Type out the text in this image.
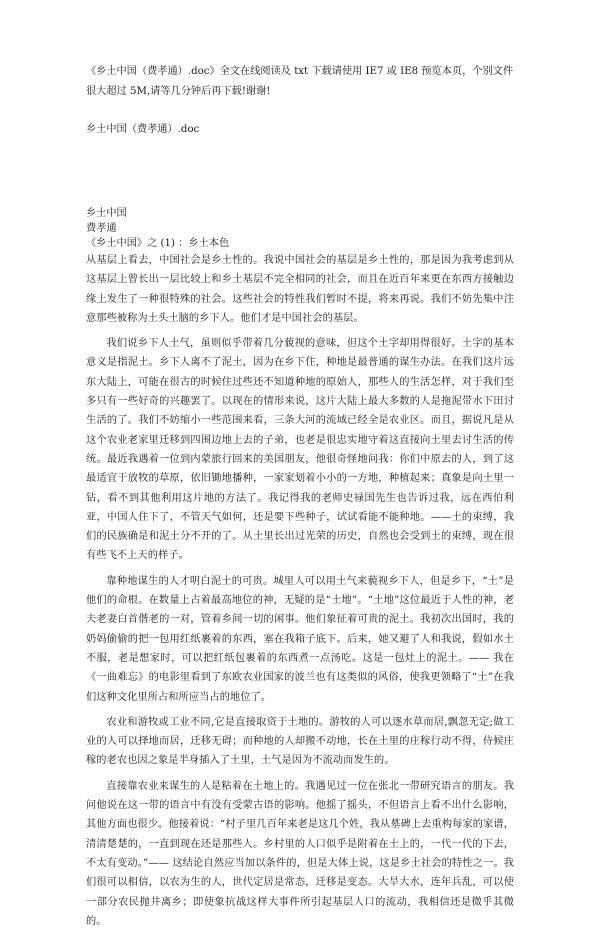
《乡土中国（费孝通）.doc》全文在线阅读及 txt 下载请使用 IE7 或 IE8 预览本页，个别文件很大超过 5M,请等几分钟后再下载!谢谢!

乡土中国（费孝通）.doc

乡土中国

费孝通

《乡土中国》之 (1) ：乡土本色

从基层上看去，中国社会是乡土性的。我说中国社会的基层是乡土性的，那是因为我考虑到从这基层上曾长出一层比较上和乡土基层不完全相同的社会，而且在近百年来更在东西方接触边缘上发生了一种很特殊的社会。这些社会的特性我们暂时不提，将来再说。我们不妨先集中注意那些被称为土头土脑的乡下人。他们才是中国社会的基层。

我们说乡下人土气，虽则似乎带着几分藐视的意味，但这个土字却用得很好。土字的基本意义是指泥土。乡下人离不了泥土，因为在乡下住，种地是最普通的谋生办法。在我们这片远东大陆上，可能在很古的时候住过些还不知道种地的原始人，那些人的生活怎样，对于我们至多只有一些好奇的兴趣罢了。以现在的情形来说，这片大陆上最大多数的人是拖泥带水下田讨生活的了。我们不妨缩小一些范围来看，三条大河的流域已经全是农业区。而且，据说凡是从这个农业老家里迁移到四围边地上去的子弟，也老是很忠实地守着这直接向土里去讨生活的传统。最近我遇着一位到内蒙旅行回来的美国朋友，他很奇怪地问我：你们中原去的人，到了这最适宜于放牧的草原，依旧锄地播种，一家家划着小小的一方地，种植起来；真象是向土里一钻，看不到其他利用这片地的方法了。我记得我的老师史禄国先生也告诉过我，远在西伯利亚，中国人住下了，不管天气如何，还是要下些种子，试试看能不能种地。——土的束缚，我们的民族确是和泥土分不开的了。从土里长出过光荣的历史，自然也会受到土的束缚，现在很有些飞不上天的样子。

靠种地谋生的人才明白泥土的可贵。城里人可以用土气来藐视乡下人，但是乡下，“土”是他们的命根。在数量上占着最高地位的神，无疑的是“土地”。“土地”这位最近于人性的神，老夫老妻白首偕老的一对，管着乡间一切的闲事。他们象征着可贵的泥土。我初次出国时，我的奶妈偷偷的把一包用红纸裹着的东西，塞在我箱子底下。后来，她又避了人和我说，假如水土不服，老是想家时，可以把红纸包裹着的东西煮一点汤吃。这是一包灶上的泥土。—— 我在《一曲难忘》的电影里看到了东欧农业国家的波兰也有这类似的风俗，使我更领略了“土”在我们这种文化里所占和所应当占的地位了。

农业和游牧或工业不同,它是直接取资于土地的。游牧的人可以逐水草而居,飘忽无定;做工业的人可以择地而居，迁移无碍；而种地的人却搬不动地，长在土里的庄稼行动不得，侍候庄稼的老农也因之象是半身插入了土里，土气是因为不流动而发生的。

直接靠农业来谋生的人是粘着在土地上的。我遇见过一位在张北一带研究语言的朋友。我问他说在这一带的语言中有没有受蒙古语的影响。他摇了摇头，不但语言上看不出什么影响，其他方面也很少。他接着说：“村子里几百年来老是这几个姓，我从墓碑上去重构每家的家谱，清清楚楚的，一直到现在还是那些人。乡村里的人口似乎是附着在土上的，一代一代的下去，不太有变动。”—— 这结论自然应当加以条件的，但是大体上说，这是乡土社会的特性之一。我们很可以相信，以农为生的人，世代定居是常态，迁移是变态。大旱大水，连年兵乱，可以使一部分农民抛井离乡；即使象抗战这样大事件所引起基层人口的流动，我相信还是微乎其微的。
